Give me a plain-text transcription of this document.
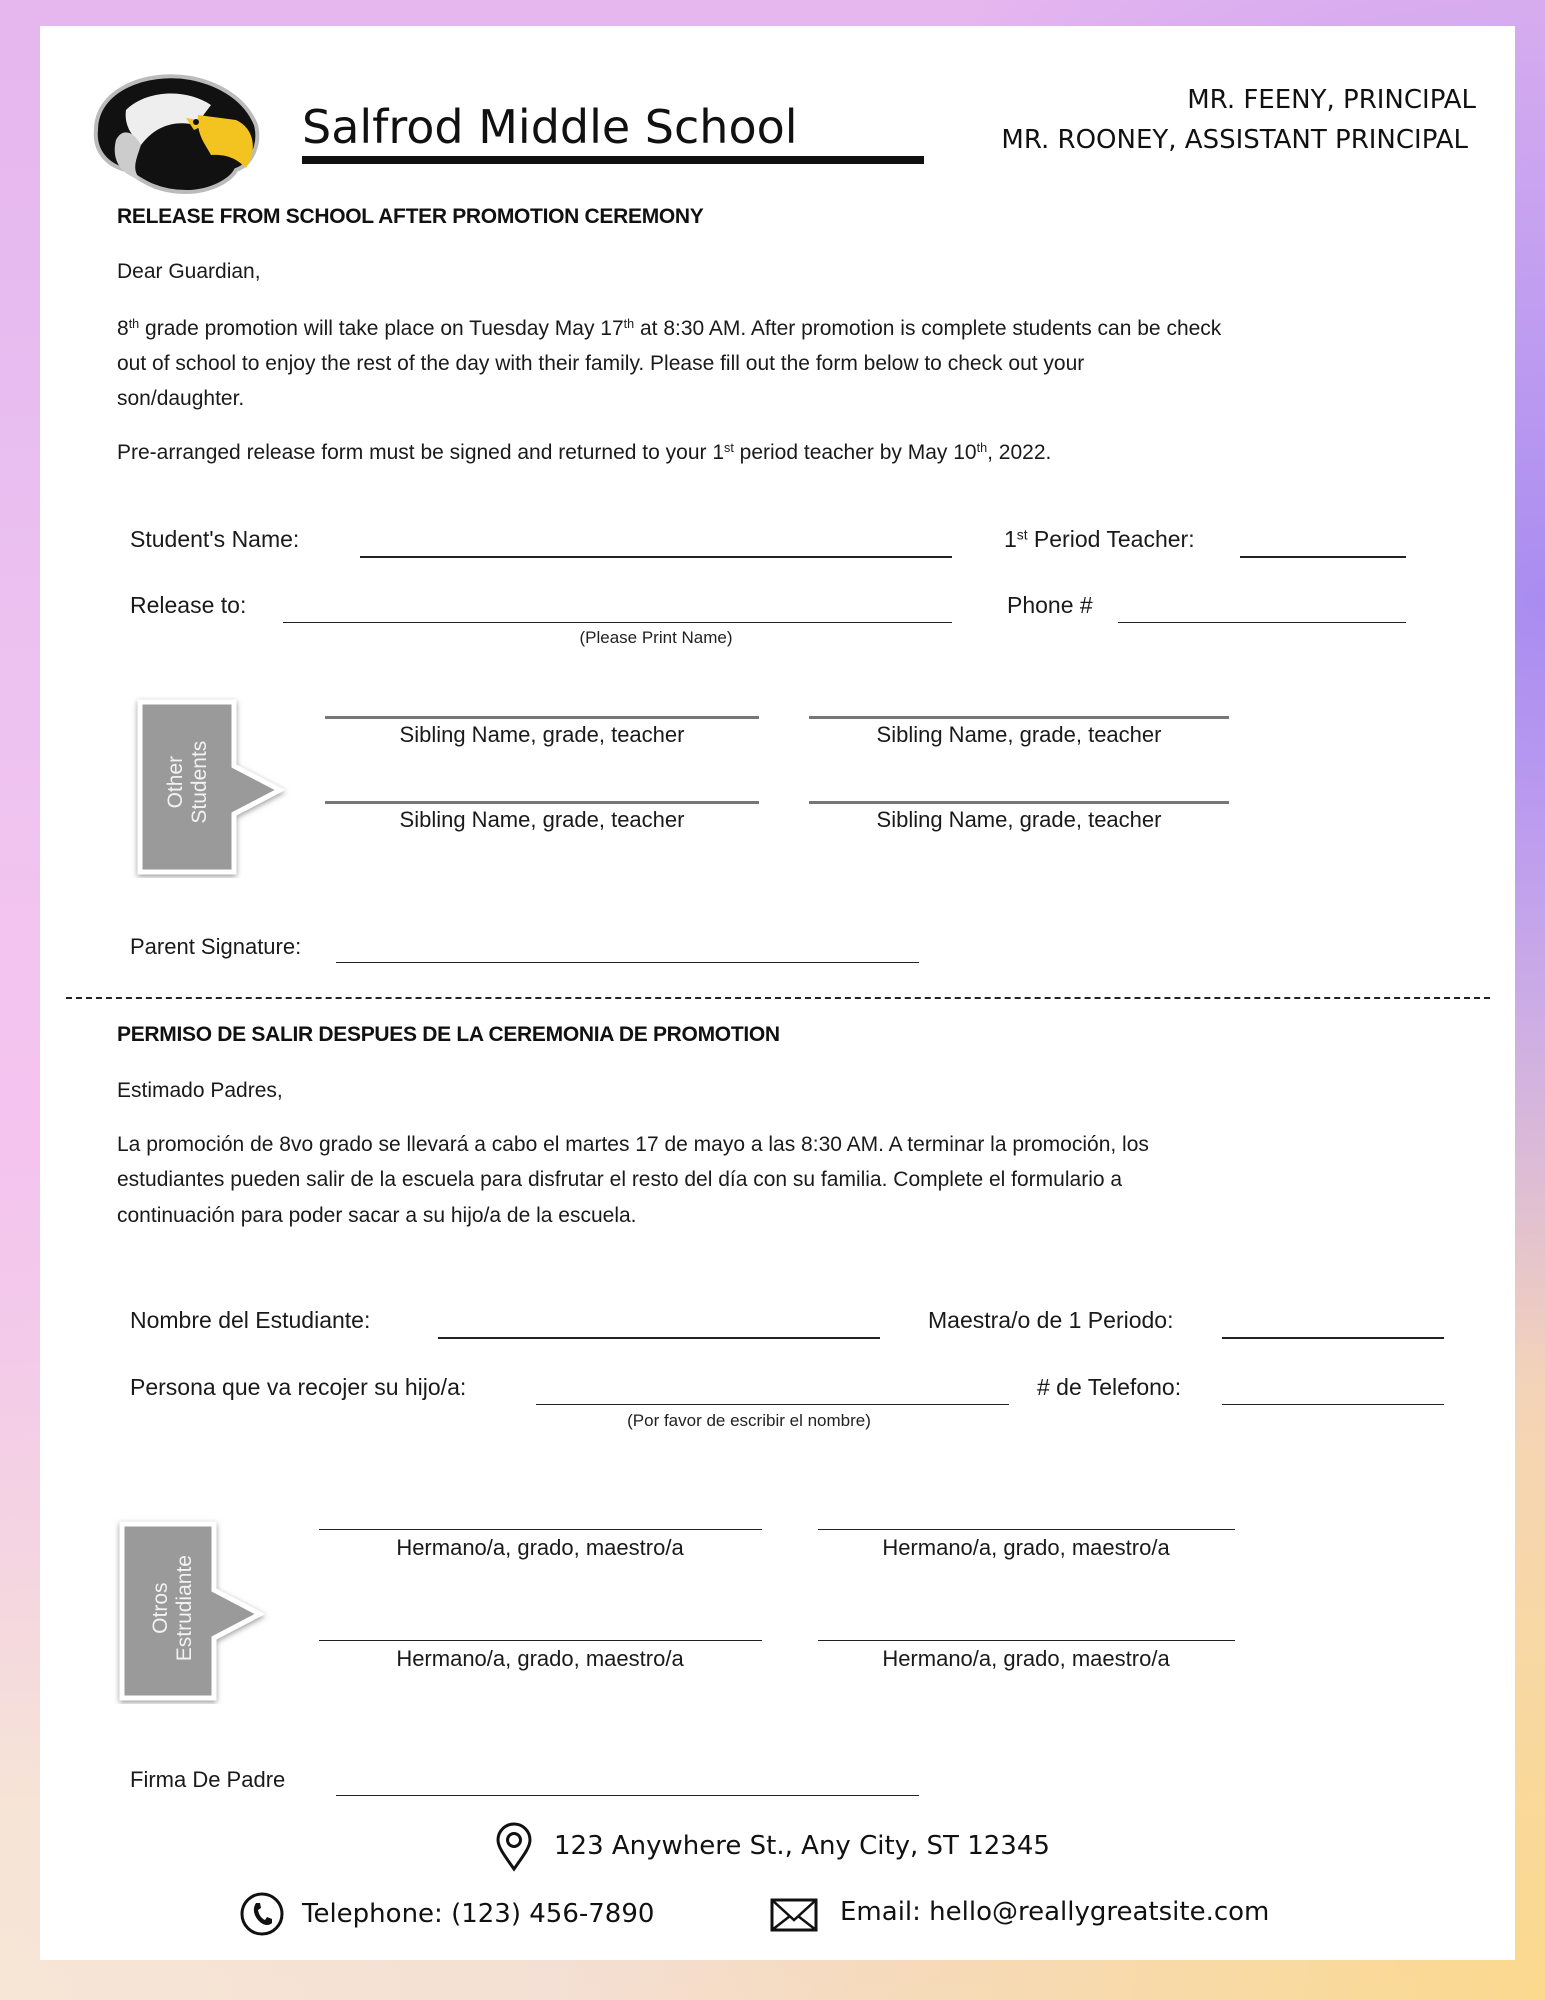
Salfrod Middle School	MR. FEENY, PRINCIPAL
MR. ROONEY, ASSISTANT PRINCIPAL
RELEASE FROM SCHOOL AFTER PROMOTION CEREMONY
Dear Guardian,
8th grade promotion will take place on Tuesday May 17th at 8:30 AM. After promotion is complete students can be check
out of school to enjoy the rest of the day with their family. Please fill out the form below to check out your
son/daughter.
Pre-arranged release form must be signed and returned to your 1st period teacher by May 10th, 2022.
Student's Name:	1st Period Teacher:
Release to:	Phone #
(Please Print Name)
Other
Students
Sibling Name, grade, teacher	Sibling Name, grade, teacher
Sibling Name, grade, teacher	Sibling Name, grade, teacher
Parent Signature:
PERMISO DE SALIR DESPUES DE LA CEREMONIA DE PROMOTION
Estimado Padres,
La promoción de 8vo grado se llevará a cabo el martes 17 de mayo a las 8:30 AM. A terminar la promoción, los
estudiantes pueden salir de la escuela para disfrutar el resto del día con su familia. Complete el formulario a
continuación para poder sacar a su hijo/a de la escuela.
Nombre del Estudiante:	Maestra/o de 1 Periodo:
Persona que va recojer su hijo/a:	# de Telefono:
(Por favor de escribir el nombre)
Otros
Estrudiante
Hermano/a, grado, maestro/a	Hermano/a, grado, maestro/a
Hermano/a, grado, maestro/a	Hermano/a, grado, maestro/a
Firma De Padre
123 Anywhere St., Any City, ST 12345
Telephone: (123) 456-7890	Email: hello@reallygreatsite.com
